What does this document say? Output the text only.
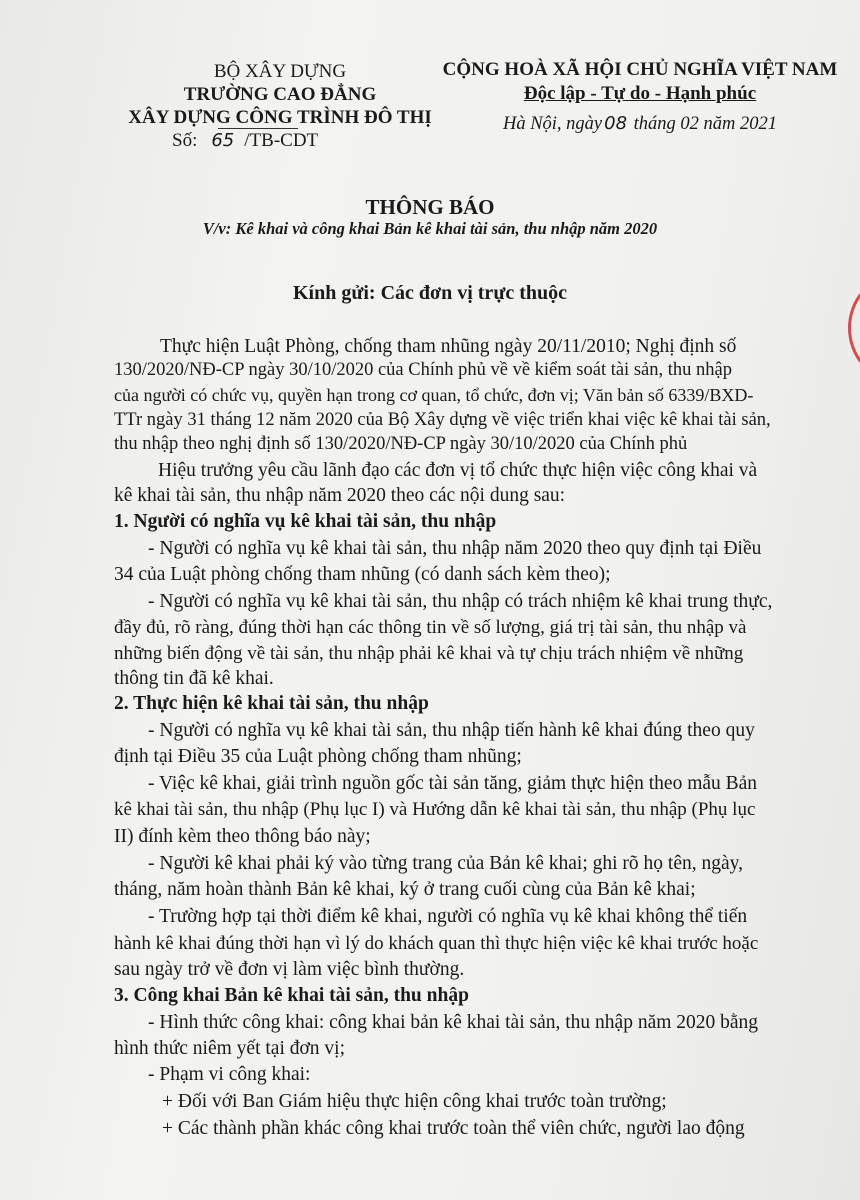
BỘ XÂY DỰNG
TRƯỜNG CAO ĐẲNG
XÂY DỰNG CÔNG TRÌNH ĐÔ THỊ
Số: 65 /TB-CDT
CỘNG HOÀ XÃ HỘI CHỦ NGHĨA VIỆT NAM
Độc lập - Tự do - Hạnh phúc
Hà Nội, ngày 08 tháng 02 năm 2021
THÔNG BÁO
V/v: Kê khai và công khai Bản kê khai tài sản, thu nhập năm 2020
Kính gửi: Các đơn vị trực thuộc
Thực hiện Luật Phòng, chống tham nhũng ngày 20/11/2010; Nghị định số
130/2020/NĐ-CP ngày 30/10/2020 của Chính phủ về về kiểm soát tài sản, thu nhập
của người có chức vụ, quyền hạn trong cơ quan, tổ chức, đơn vị; Văn bản số 6339/BXD-
TTr ngày 31 tháng 12 năm 2020 của Bộ Xây dựng về việc triển khai việc kê khai tài sản,
thu nhập theo nghị định số 130/2020/NĐ-CP ngày 30/10/2020 của Chính phủ
Hiệu trưởng yêu cầu lãnh đạo các đơn vị tổ chức thực hiện việc công khai và
kê khai tài sản, thu nhập năm 2020 theo các nội dung sau:
1. Người có nghĩa vụ kê khai tài sản, thu nhập
- Người có nghĩa vụ kê khai tài sản, thu nhập năm 2020 theo quy định tại Điều
34 của Luật phòng chống tham nhũng (có danh sách kèm theo);
- Người có nghĩa vụ kê khai tài sản, thu nhập có trách nhiệm kê khai trung thực,
đầy đủ, rõ ràng, đúng thời hạn các thông tin về số lượng, giá trị tài sản, thu nhập và
những biến động về tài sản, thu nhập phải kê khai và tự chịu trách nhiệm về những
thông tin đã kê khai.
2. Thực hiện kê khai tài sản, thu nhập
- Người có nghĩa vụ kê khai tài sản, thu nhập tiến hành kê khai đúng theo quy
định tại Điều 35 của Luật phòng chống tham nhũng;
- Việc kê khai, giải trình nguồn gốc tài sản tăng, giảm thực hiện theo mẫu Bản
kê khai tài sản, thu nhập (Phụ lục I) và Hướng dẫn kê khai tài sản, thu nhập (Phụ lục
II) đính kèm theo thông báo này;
- Người kê khai phải ký vào từng trang của Bản kê khai; ghi rõ họ tên, ngày,
tháng, năm hoàn thành Bản kê khai, ký ở trang cuối cùng của Bản kê khai;
- Trường hợp tại thời điểm kê khai, người có nghĩa vụ kê khai không thể tiến
hành kê khai đúng thời hạn vì lý do khách quan thì thực hiện việc kê khai trước hoặc
sau ngày trở về đơn vị làm việc bình thường.
3. Công khai Bản kê khai tài sản, thu nhập
- Hình thức công khai: công khai bản kê khai tài sản, thu nhập năm 2020 bằng
hình thức niêm yết tại đơn vị;
- Phạm vi công khai:
+ Đối với Ban Giám hiệu thực hiện công khai trước toàn trường;
+ Các thành phần khác công khai trước toàn thể viên chức, người lao động
